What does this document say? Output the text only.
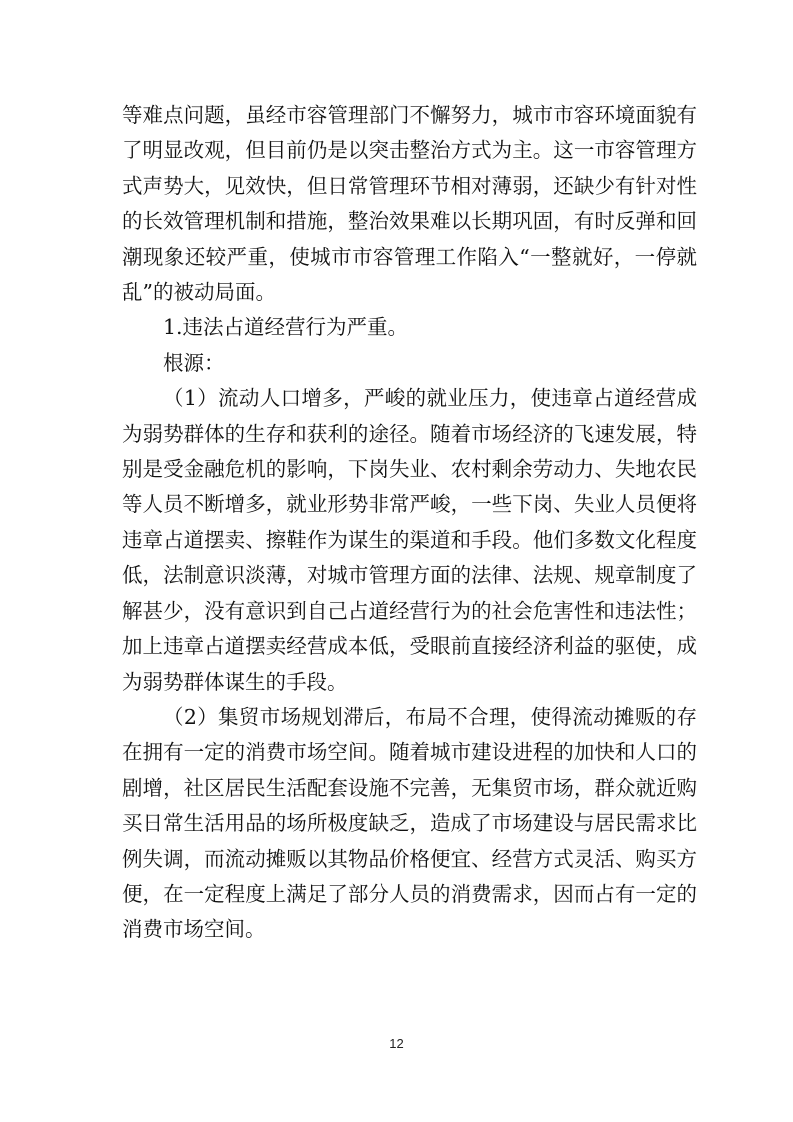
等难点问题，虽经市容管理部门不懈努力，城市市容环境面貌有了明显改观，但目前仍是以突击整治方式为主。这一市容管理方式声势大，见效快，但日常管理环节相对薄弱，还缺少有针对性的长效管理机制和措施，整治效果难以长期巩固，有时反弹和回潮现象还较严重，使城市市容管理工作陷入“一整就好，一停就乱”的被动局面。

1.违法占道经营行为严重。

根源：

（1）流动人口增多，严峻的就业压力，使违章占道经营成为弱势群体的生存和获利的途径。随着市场经济的飞速发展，特别是受金融危机的影响，下岗失业、农村剩余劳动力、失地农民等人员不断增多，就业形势非常严峻，一些下岗、失业人员便将违章占道摆卖、擦鞋作为谋生的渠道和手段。他们多数文化程度低，法制意识淡薄，对城市管理方面的法律、法规、规章制度了解甚少，没有意识到自己占道经营行为的社会危害性和违法性；加上违章占道摆卖经营成本低，受眼前直接经济利益的驱使，成为弱势群体谋生的手段。

（2）集贸市场规划滞后，布局不合理，使得流动摊贩的存在拥有一定的消费市场空间。随着城市建设进程的加快和人口的剧增，社区居民生活配套设施不完善，无集贸市场，群众就近购买日常生活用品的场所极度缺乏，造成了市场建设与居民需求比例失调，而流动摊贩以其物品价格便宜、经营方式灵活、购买方便，在一定程度上满足了部分人员的消费需求，因而占有一定的消费市场空间。

12
